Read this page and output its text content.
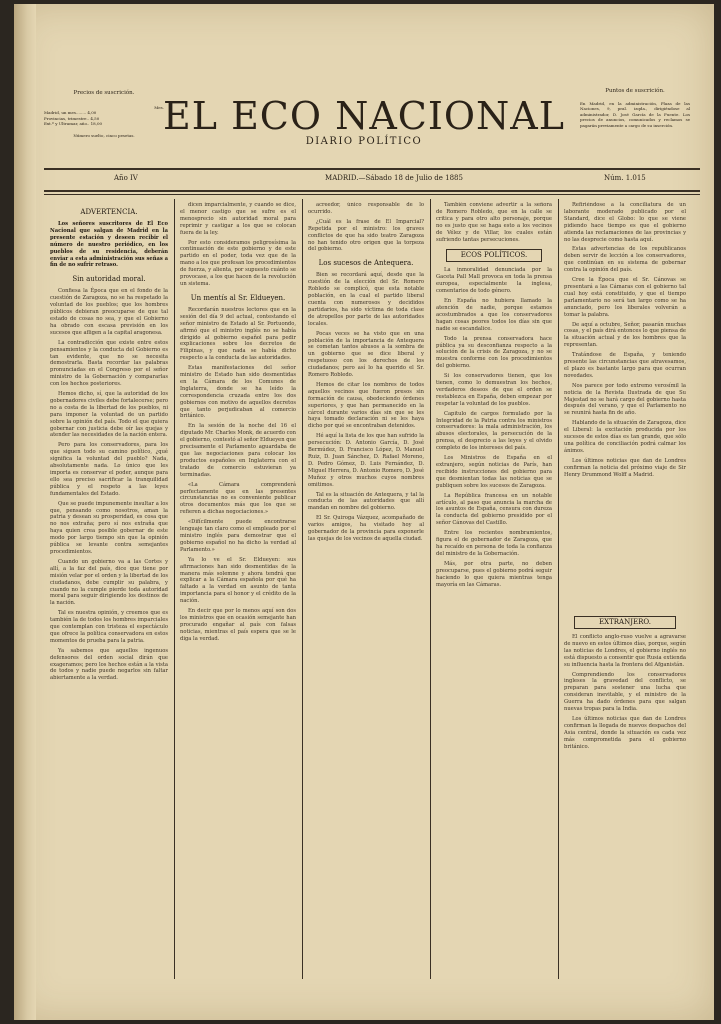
Precios de suscrición.
Mes.
Madrid, un mes........ 4,00
Provincias, trimestre.. 4,50
Ext.º y Ultramar, año.. 18,00
Número suelto, cinco pesetas. EL ECO NACIONAL
DIARIO POLÍTICO
Puntos de suscrición.
En Madrid, en la administración, Plaza de las Naciones, 9, pral. izqda., dirigiéndose al administrador, D. José García de la Fuente. Los precios de anuncios, comunicados y reclamos se pagarán previamente a cargo de su inserción.
Año IV	MADRID.—Sábado 18 de Julio de 1885	Núm. 1.015
ADVERTENCIA.

Los señores suscritores de El Eco Nacional que salgan de Madrid en la presente estación y deseen recibir el número de nuestro periódico, en los pueblos de su residencia, deberán enviar a esta administración sus señas a fin de no sufrir retraso.

Sin autoridad moral.

Confiesa la Época que en el fondo de la cuestión de Zaragoza, no se ha respetado la voluntad de los pueblos; que los hombres públicos debieran preocuparse de que tal estado de cosas no sea, y que el Gobierno ha obrado con escasa previsión en los sucesos que afligen a la capital aragonesa.

La contradicción que existe entre estos pensamientos y la conducta del Gobierno es tan evidente, que no se necesita demostrarla. Basta recordar las palabras pronunciadas en el Congreso por el señor ministro de la Gobernación y compararlas con los hechos posteriores.

Hemos dicho, sí, que la autoridad de los gobernadores civiles debe fortalecerse; pero no a costa de la libertad de los pueblos, ni para imponer la voluntad de un partido sobre la opinión del país. Todo el que quiera gobernar con justicia debe oír las quejas y atender las necesidades de la nación entera.

Pero para los conservadores, para los que siguen todo su camino político, ¿qué significa la voluntad del pueblo? Nada, absolutamente nada. Lo único que les importa es conservar el poder, aunque para ello sea preciso sacrificar la tranquilidad pública y el respeto a las leyes fundamentales del Estado.

Que se puede impunemente insultar a los que, pensando como nosotros, aman la patria y desean su prosperidad, es cosa que no nos extraña; pero sí nos extraña que haya quien crea posible gobernar de este modo por largo tiempo sin que la opinión pública se levante contra semejantes procedimientos.

Cuando un gobierno va a las Cortes y allí, a la faz del país, dice que tiene por misión velar por el orden y la libertad de los ciudadanos, debe cumplir su palabra, y cuando no la cumple pierde toda autoridad moral para seguir dirigiendo los destinos de la nación.

Tal es nuestra opinión, y creemos que es también la de todos los hombres imparciales que contemplan con tristeza el espectáculo que ofrece la política conservadora en estos momentos de prueba para la patria.

Ya sabemos que aquellos ingenuos defensores del orden social dirán que exageramos; pero los hechos están a la vista de todos y nadie puede negarlos sin faltar abiertamente a la verdad.

dicen imparcialmente, y cuando se dice, el menor castigo que se sufre es el menosprecio sin autoridad moral para reprimir y castigar a los que se colocan fuera de la ley.

Por esto consideramos peligrosísima la continuación de este gobierno y de este partido en el poder, toda vez que de la mano a los que profesan los procedimientos de fuerza, y alienta, por supuesto cuánto se provocase, a los que hacen de la revolución un sistema.

Un mentís al Sr. Eldueyen.

Recordarán nuestros lectores que en la sesión del día 9 del actual, contestando el señor ministro de Estado al Sr. Portuondo, afirmó que el ministro inglés no se había dirigido al gobierno español para pedir explicaciones sobre los decretos de Filipinas, y que nada se había dicho respecto a la conducta de las autoridades.

Estas manifestaciones del señor ministro de Estado han sido desmentidas en la Cámara de los Comunes de Inglaterra, donde se ha leído la correspondencia cruzada entre los dos gobiernos con motivo de aquellos decretos que tanto perjudicaban al comercio británico.

En la sesión de la noche del 16 el diputado Mr. Charles Monk, de acuerdo con el gobierno, contestó al señor Eldueyen que precisamente el Parlamento aguardaba de que las negociaciones para colocar los productos españoles en Inglaterra con el tratado de comercio estuvieran ya terminadas.

«La Cámara comprenderá perfectamente que en las presentes circunstancias no es conveniente publicar otros documentos más que los que se refieren a dichas negociaciones.»

«Difícilmente puede encontrarse lenguaje tan claro como el empleado por el ministro inglés para demostrar que el gobierno español no ha dicho la verdad al Parlamento.»

Ya lo ve el Sr. Eldueyen: sus afirmaciones han sido desmentidas de la manera más solemne y ahora tendrá que explicar a la Cámara española por qué ha faltado a la verdad en asunto de tanta importancia para el honor y el crédito de la nación.

En decir que por lo menos aquí son dos los ministros que en ocasión semejante han procurado engañar al país con falsas noticias, mientras el país espera que se le diga la verdad.

acreedor, único responsable de lo ocurrido.

¿Cuál es la frase de El Imparcial? Repetida por el ministro: los graves conflictos de que ha sido teatro Zaragoza no han tenido otro origen que la torpeza del gobierno.

Los sucesos de Antequera.

Bien se recordará aquí, desde que la cuestión de la elección del Sr. Romero Robledo se complicó, que esta notable población, en la cual el partido liberal cuenta con numerosos y decididos partidarios, ha sido víctima de toda clase de atropellos por parte de las autoridades locales.

Pocas veces se ha visto que en una población de la importancia de Antequera se cometan tantos abusos a la sombra de un gobierno que se dice liberal y respetuoso con los derechos de los ciudadanos; pero así lo ha querido el Sr. Romero Robledo.

Hemos de citar los nombres de todos aquellos vecinos que fueron presos sin formación de causa, obedeciendo órdenes superiores, y que han permanecido en la cárcel durante varios días sin que se les haya tomado declaración ni se les haya dicho por qué se encontraban detenidos.

Hé aquí la lista de los que han sufrido la persecución: D. Antonio García, D. José Bermúdez, D. Francisco López, D. Manuel Ruiz, D. Juan Sánchez, D. Rafael Moreno, D. Pedro Gómez, D. Luis Fernández, D. Miguel Herrera, D. Antonio Romero, D. José Muñoz y otros muchos cuyos nombres omitimos.

Tal es la situación de Antequera, y tal la conducta de las autoridades que allí mandan en nombre del gobierno.

El Sr. Quiroga Vázquez, acompañado de varios amigos, ha visitado hoy al gobernador de la provincia para exponerle las quejas de los vecinos de aquella ciudad.

También conviene advertir a la señora de Romero Robledo, que en la calle se critica y para otro alto personaje, porque no es justo que se haga esto a los vecinos de Vélez y de Villar, los cuales están sufriendo tantas persecuciones.

ECOS POLÍTICOS.

La inmoralidad denunciada por la Gaceta Pall Mall provoca en toda la prensa europea, especialmente la inglesa, comentarios de todo género.

En España no hubiera llamado la atención de nadie, porque estamos acostumbrados a que los conservadores hagan cosas peores todos los días sin que nadie se escandalice.

Todo la prensa conservadora hace pública ya su desconfianza respecto a la solución de la crisis de Zaragoza, y no se muestra conforme con los procedimientos del gobierno.

Si los conservadores tienen, que los tienen, como lo demuestran los hechos, verdaderos deseos de que el orden se restablezca en España, deben empezar por respetar la voluntad de los pueblos.

Capitulo de cargos formulado por la Integridad de la Patria contra los ministros conservadores: la mala administración, los abusos electorales, la persecución de la prensa, el desprecio a las leyes y el olvido completo de los intereses del país.

Los Ministros de España en el extranjero, según noticias de París, han recibido instrucciones del gobierno para que desmientan todas las noticias que se publiquen sobre los sucesos de Zaragoza.

La República francesa en un notable artículo, al paso que anuncia la marcha de los asuntos de España, censura con dureza la conducta del gobierno presidido por el señor Cánovas del Castillo.

Entre los recientes nombramientos, figura el de gobernador de Zaragoza, que ha recaído en persona de toda la confianza del ministro de la Gobernación.

Más, por otra parte, no deben preocuparse, pues el gobierno podrá seguir haciendo lo que quiera mientras tenga mayoría en las Cámaras.

Refiriéndose a la conciliatura de un laborante moderado publicado por el Standard, dice el Globo: lo que se viene pidiendo hace tiempo es que el gobierno atienda las reclamaciones de las provincias y no las desprecie como hasta aquí.

Estas advertencias de los republicanos deben servir de lección a los conservadores, que continúan en su sistema de gobernar contra la opinión del país.

Cree la Época que el Sr. Cánovas se presentará a las Cámaras con el gobierno tal cual hoy está constituido, y que el tiempo parlamentario no será tan largo como se ha anunciado, pero los liberales volverán a tomar la palabra.

De aquí a octubre, Señor, pasarán muchas cosas, y el país dirá entonces lo que piensa de la situación actual y de los hombres que la representan.

Tratándose de España, y teniendo presente las circunstancias que atravesamos, el plazo es bastante largo para que ocurran novedades.

Nos parece por todo extremo verosímil la noticia de la Revista Ilustrada de que Su Majestad no se hará cargo del gobierno hasta después del verano, y que el Parlamento no se reunirá hasta fin de año.

Hablando de la situación de Zaragoza, dice el Liberal: la excitación producida por los sucesos de estos días es tan grande, que sólo una política de conciliación podrá calmar los ánimos.

Los últimos noticias que dan de Londres confirman la noticia del próximo viaje de Sir Henry Drummond Wolff a Madrid.

EXTRANJERO.

El conflicto anglo-ruso vuelve a agravarse de nuevo en estos últimos días, porque, según las noticias de Londres, el gobierno inglés no está dispuesto a consentir que Rusia extienda su influencia hasta la frontera del Afganistán.

Comprendiendo los conservadores ingleses la gravedad del conflicto, se preparan para sostener una lucha que consideran inevitable, y el ministro de la Guerra ha dado órdenes para que salgan nuevas tropas para la India.

Los últimos noticias que dan de Londres confirman la llegada de nuevos despachos del Asia central, donde la situación es cada vez más comprometida para el gobierno británico.
